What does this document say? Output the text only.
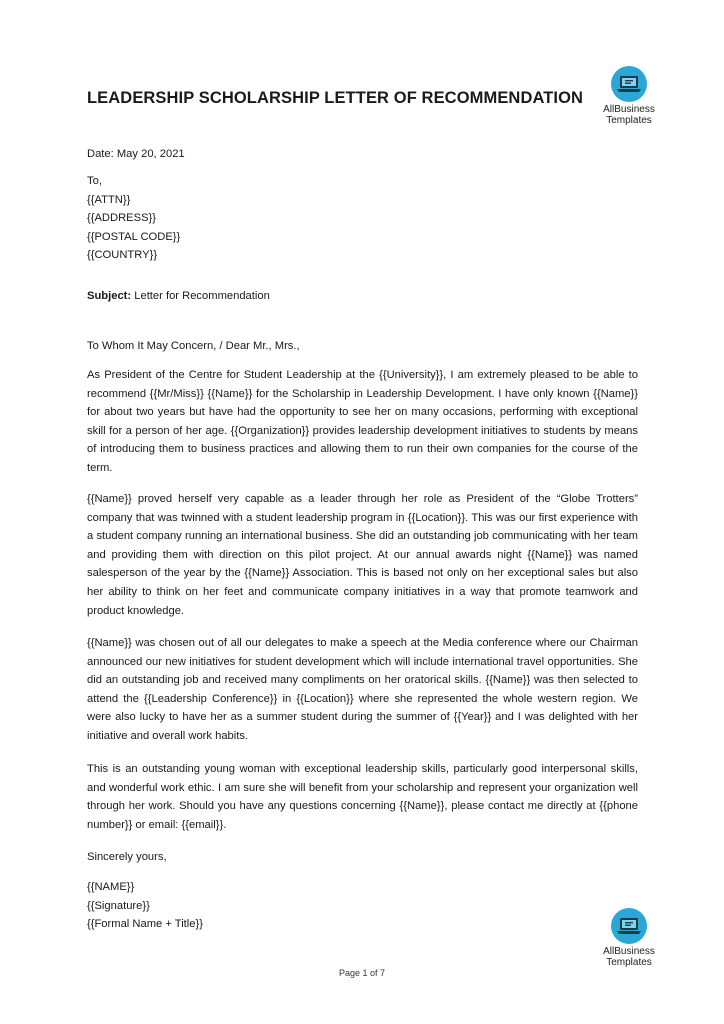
LEADERSHIP SCHOLARSHIP LETTER OF RECOMMENDATION
AllBusiness
Templates
Date: May 20, 2021
To,
{{ATTN}}
{{ADDRESS}}
{{POSTAL CODE}}
{{COUNTRY}}
Subject: Letter for Recommendation
To Whom It May Concern, / Dear Mr., Mrs.,

As President of the Centre for Student Leadership at the {{University}}, I am extremely pleased to be able to recommend {{Mr/Miss}} {{Name}} for the Scholarship in Leadership Development. I have only known {{Name}} for about two years but have had the opportunity to see her on many occasions, performing with exceptional skill for a person of her age. {{Organization}} provides leadership development initiatives to students by means of introducing them to business practices and allowing them to run their own companies for the course of the term.

{{Name}} proved herself very capable as a leader through her role as President of the “Globe Trotters” company that was twinned with a student leadership program in {{Location}}. This was our first experience with a student company running an international business. She did an outstanding job communicating with her team and providing them with direction on this pilot project. At our annual awards night {{Name}} was named salesperson of the year by the {{Name}} Association. This is based not only on her exceptional sales but also her ability to think on her feet and communicate company initiatives in a way that promote teamwork and product knowledge.

{{Name}} was chosen out of all our delegates to make a speech at the Media conference where our Chairman announced our new initiatives for student development which will include international travel opportunities. She did an outstanding job and received many compliments on her oratorical skills. {{Name}} was then selected to attend the {{Leadership Conference}} in {{Location}} where she represented the whole western region. We were also lucky to have her as a summer student during the summer of {{Year}} and I was delighted with her initiative and overall work habits.

This is an outstanding young woman with exceptional leadership skills, particularly good interpersonal skills, and wonderful work ethic. I am sure she will benefit from your scholarship and represent your organization well through her work. Should you have any questions concerning {{Name}}, please contact me directly at {{phone number}} or email: {{email}}.

Sincerely yours,
{{NAME}}
{{Signature}}
{{Formal Name + Title}}
AllBusiness
Templates
Page 1 of 7
